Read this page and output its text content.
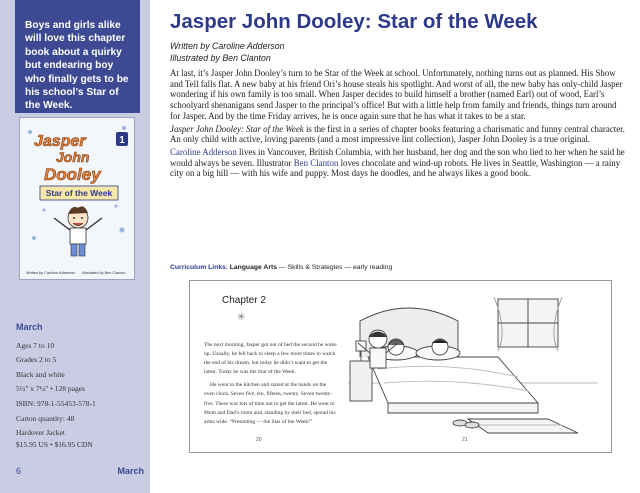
Boys and girls alike will love this chapter book about a quirky but endearing boy who finally gets to be his school’s Star of the Week.
1
Jasper
John
Dooley
Star of the Week
Written by Caroline Adderson Illustrated by Ben Clanton
March
Ages 7 to 10
Grades 2 to 5
Black and white
5½" x 7¼" • 128 pages
ISBN: 978-1-55453-578-1
Carton quantity: 48
Hardover Jacket
$15.95 US • $16.95 CDN
6	March
Jasper John Dooley: Star of the Week
Written by Caroline Adderson
Illustrated by Ben Clanton

At last, it’s Jasper John Dooley’s turn to be Star of the Week at school. Unfortunately, nothing turns out as planned. His Show and Tell falls flat. A new baby at his friend Ori’s house steals his spotlight. And worst of all, the new baby has only-child Jasper wondering if his own family is too small. When Jasper decides to build himself a brother (named Earl) out of wood, Earl’s schoolyard shenanigans send Jasper to the principal’s office! But with a little help from family and friends, things turn around for Jasper. And by the time Friday arrives, he is once again sure that he has what it takes to be a star.

Jasper John Dooley: Star of the Week is the first in a series of chapter books featuring a charismatic and funny central character. An only child with active, loving parents (and a most impressive lint collection), Jasper John Dooley is a true original.

Caroline Adderson lives in Vancouver, British Columbia, with her husband, her dog and the son who lied to her when he said he would always be seven. Illustrator Ben Clanton loves chocolate and wind-up robots. He lives in Seattle, Washington — a rainy city on a big hill — with his wife and puppy. Most days he doodles, and he always likes a good book.

Curriculum Links: Language Arts — Skills & Strategies — early reading
Chapter 2
✳

The next morning, Jasper got out of bed the second he woke up. Usually, he fell back to sleep a few more times to watch the end of his dream, but today he didn’t want to get the latest. Today he was the Star of the Week.

He went to the kitchen and stared at the hands on the oven clock. Seven five, ten, fifteen, twenty. Seven twenty-five. There was lots of time not to get the latest. He went to Mom and Dad’s room and, standing by their bed, spread his arms wide. “Presenting — the Star of the Week!”

20	21
